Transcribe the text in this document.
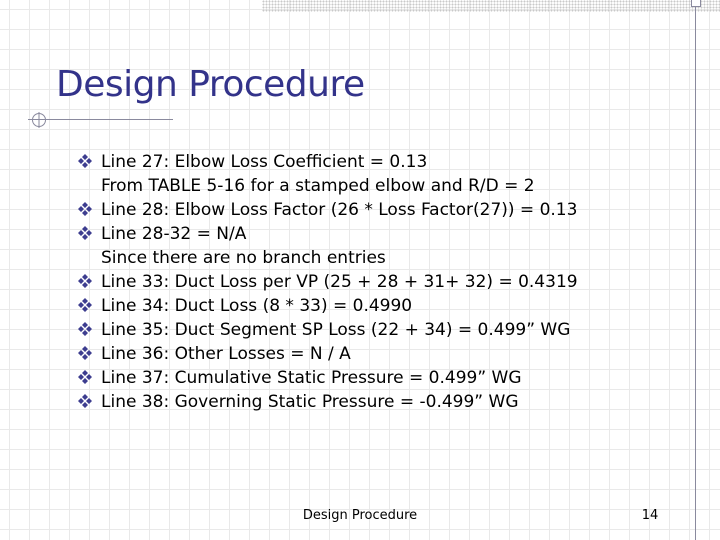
Design Procedure
Line 27: Elbow Loss Coefficient = 0.13
From TABLE 5-16 for a stamped elbow and R/D = 2
Line 28: Elbow Loss Factor (26 * Loss Factor(27)) = 0.13
Line 28-32 = N/A
Since there are no branch entries
Line 33: Duct Loss per VP (25 + 28 + 31+ 32) = 0.4319
Line 34: Duct Loss (8 * 33) = 0.4990
Line 35: Duct Segment SP Loss (22 + 34) = 0.499” WG
Line 36: Other Losses = N / A
Line 37: Cumulative Static Pressure = 0.499” WG
Line 38: Governing Static Pressure = -0.499” WG
Design Procedure	14
